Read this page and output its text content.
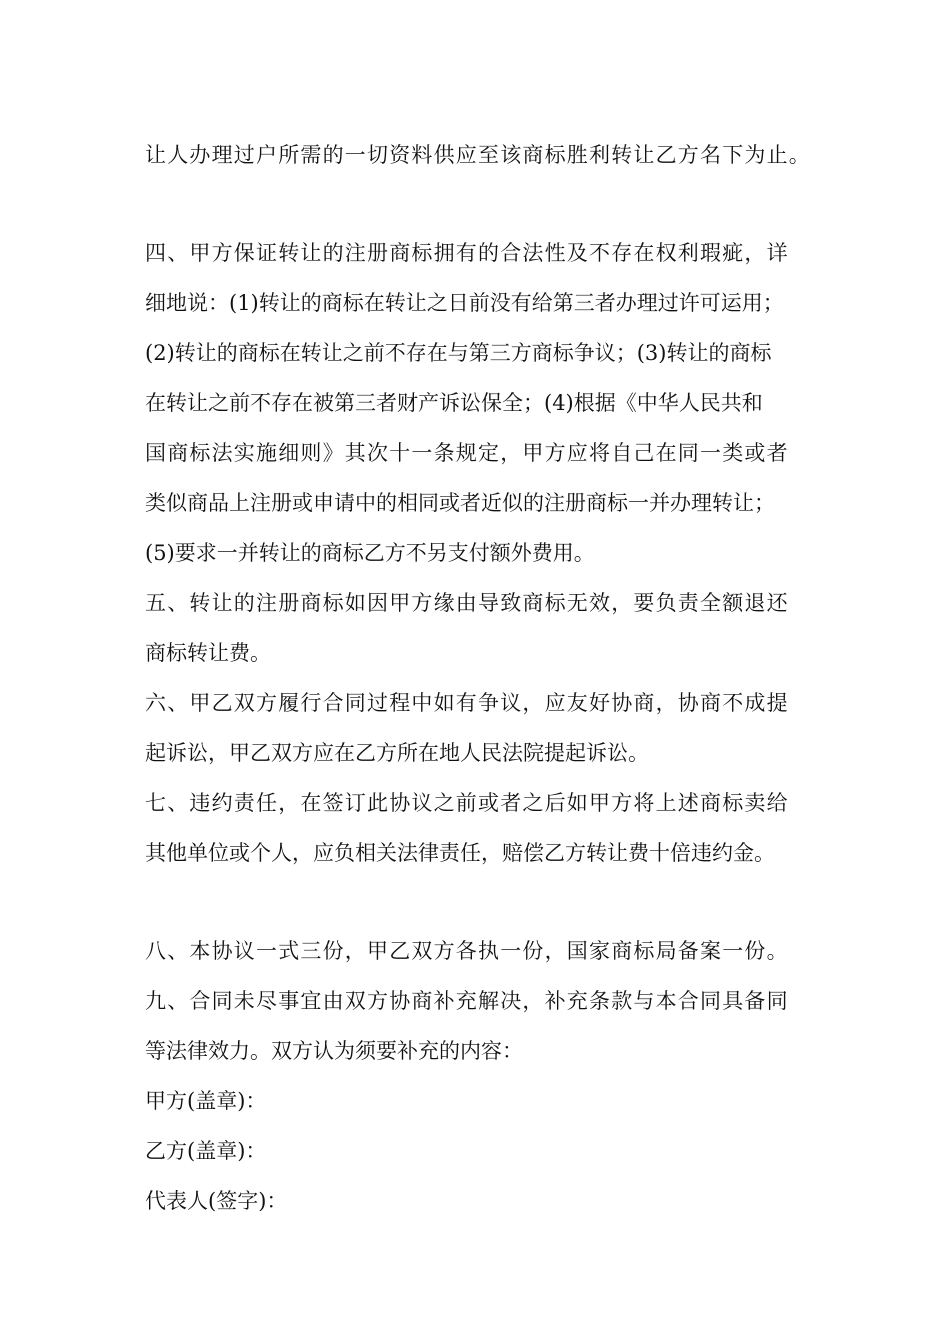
让人办理过户所需的一切资料供应至该商标胜利转让乙方名下为止。
四、甲方保证转让的注册商标拥有的合法性及不存在权利瑕疵，详
细地说：(1)转让的商标在转让之日前没有给第三者办理过许可运用；
(2)转让的商标在转让之前不存在与第三方商标争议；(3)转让的商标
在转让之前不存在被第三者财产诉讼保全；(4)根据《中华人民共和
国商标法实施细则》其次十一条规定，甲方应将自己在同一类或者
类似商品上注册或申请中的相同或者近似的注册商标一并办理转让；
(5)要求一并转让的商标乙方不另支付额外费用。
五、转让的注册商标如因甲方缘由导致商标无效，要负责全额退还
商标转让费。
六、甲乙双方履行合同过程中如有争议，应友好协商，协商不成提
起诉讼，甲乙双方应在乙方所在地人民法院提起诉讼。
七、违约责任，在签订此协议之前或者之后如甲方将上述商标卖给
其他单位或个人，应负相关法律责任，赔偿乙方转让费十倍违约金。
八、本协议一式三份，甲乙双方各执一份，国家商标局备案一份。
九、合同未尽事宜由双方协商补充解决，补充条款与本合同具备同
等法律效力。双方认为须要补充的内容：
甲方(盖章)：
乙方(盖章)：
代表人(签字)：
